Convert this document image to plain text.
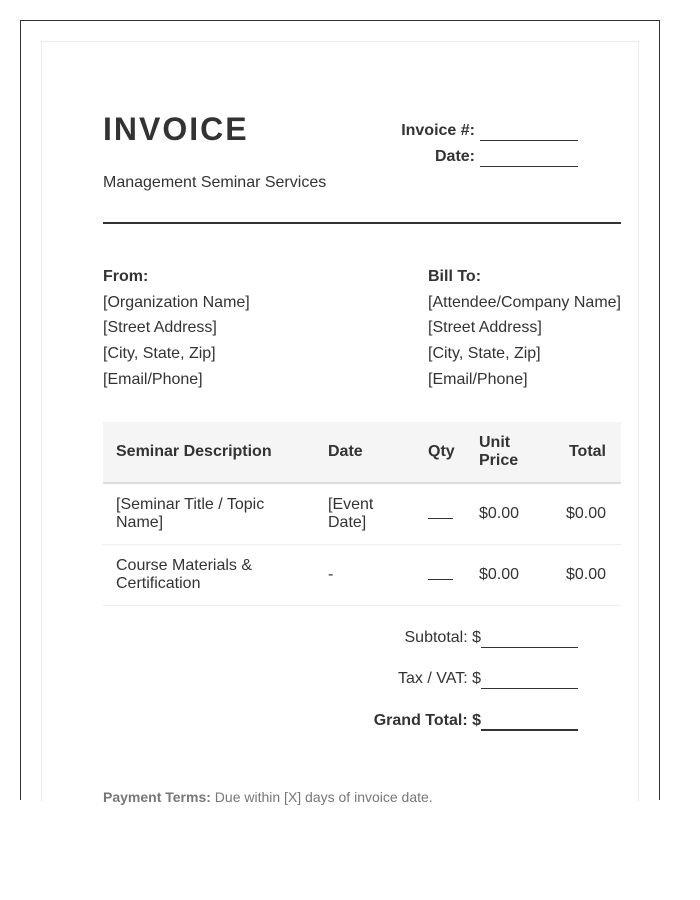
INVOICE
Management Seminar Services
Invoice #:
Date:
From:
[Organization Name]
[Street Address]
[City, State, Zip]
[Email/Phone]
Bill To:
[Attendee/Company Name]
[Street Address]
[City, State, Zip]
[Email/Phone]
Seminar Description	Date	Qty	Unit Price	Total
[Seminar Title / Topic Name]	[Event Date]		$0.00	$0.00
Course Materials & Certification	-		$0.00	$0.00
Subtotal: $
Tax / VAT: $
Grand Total: $
Payment Terms: Due within [X] days of invoice date.
